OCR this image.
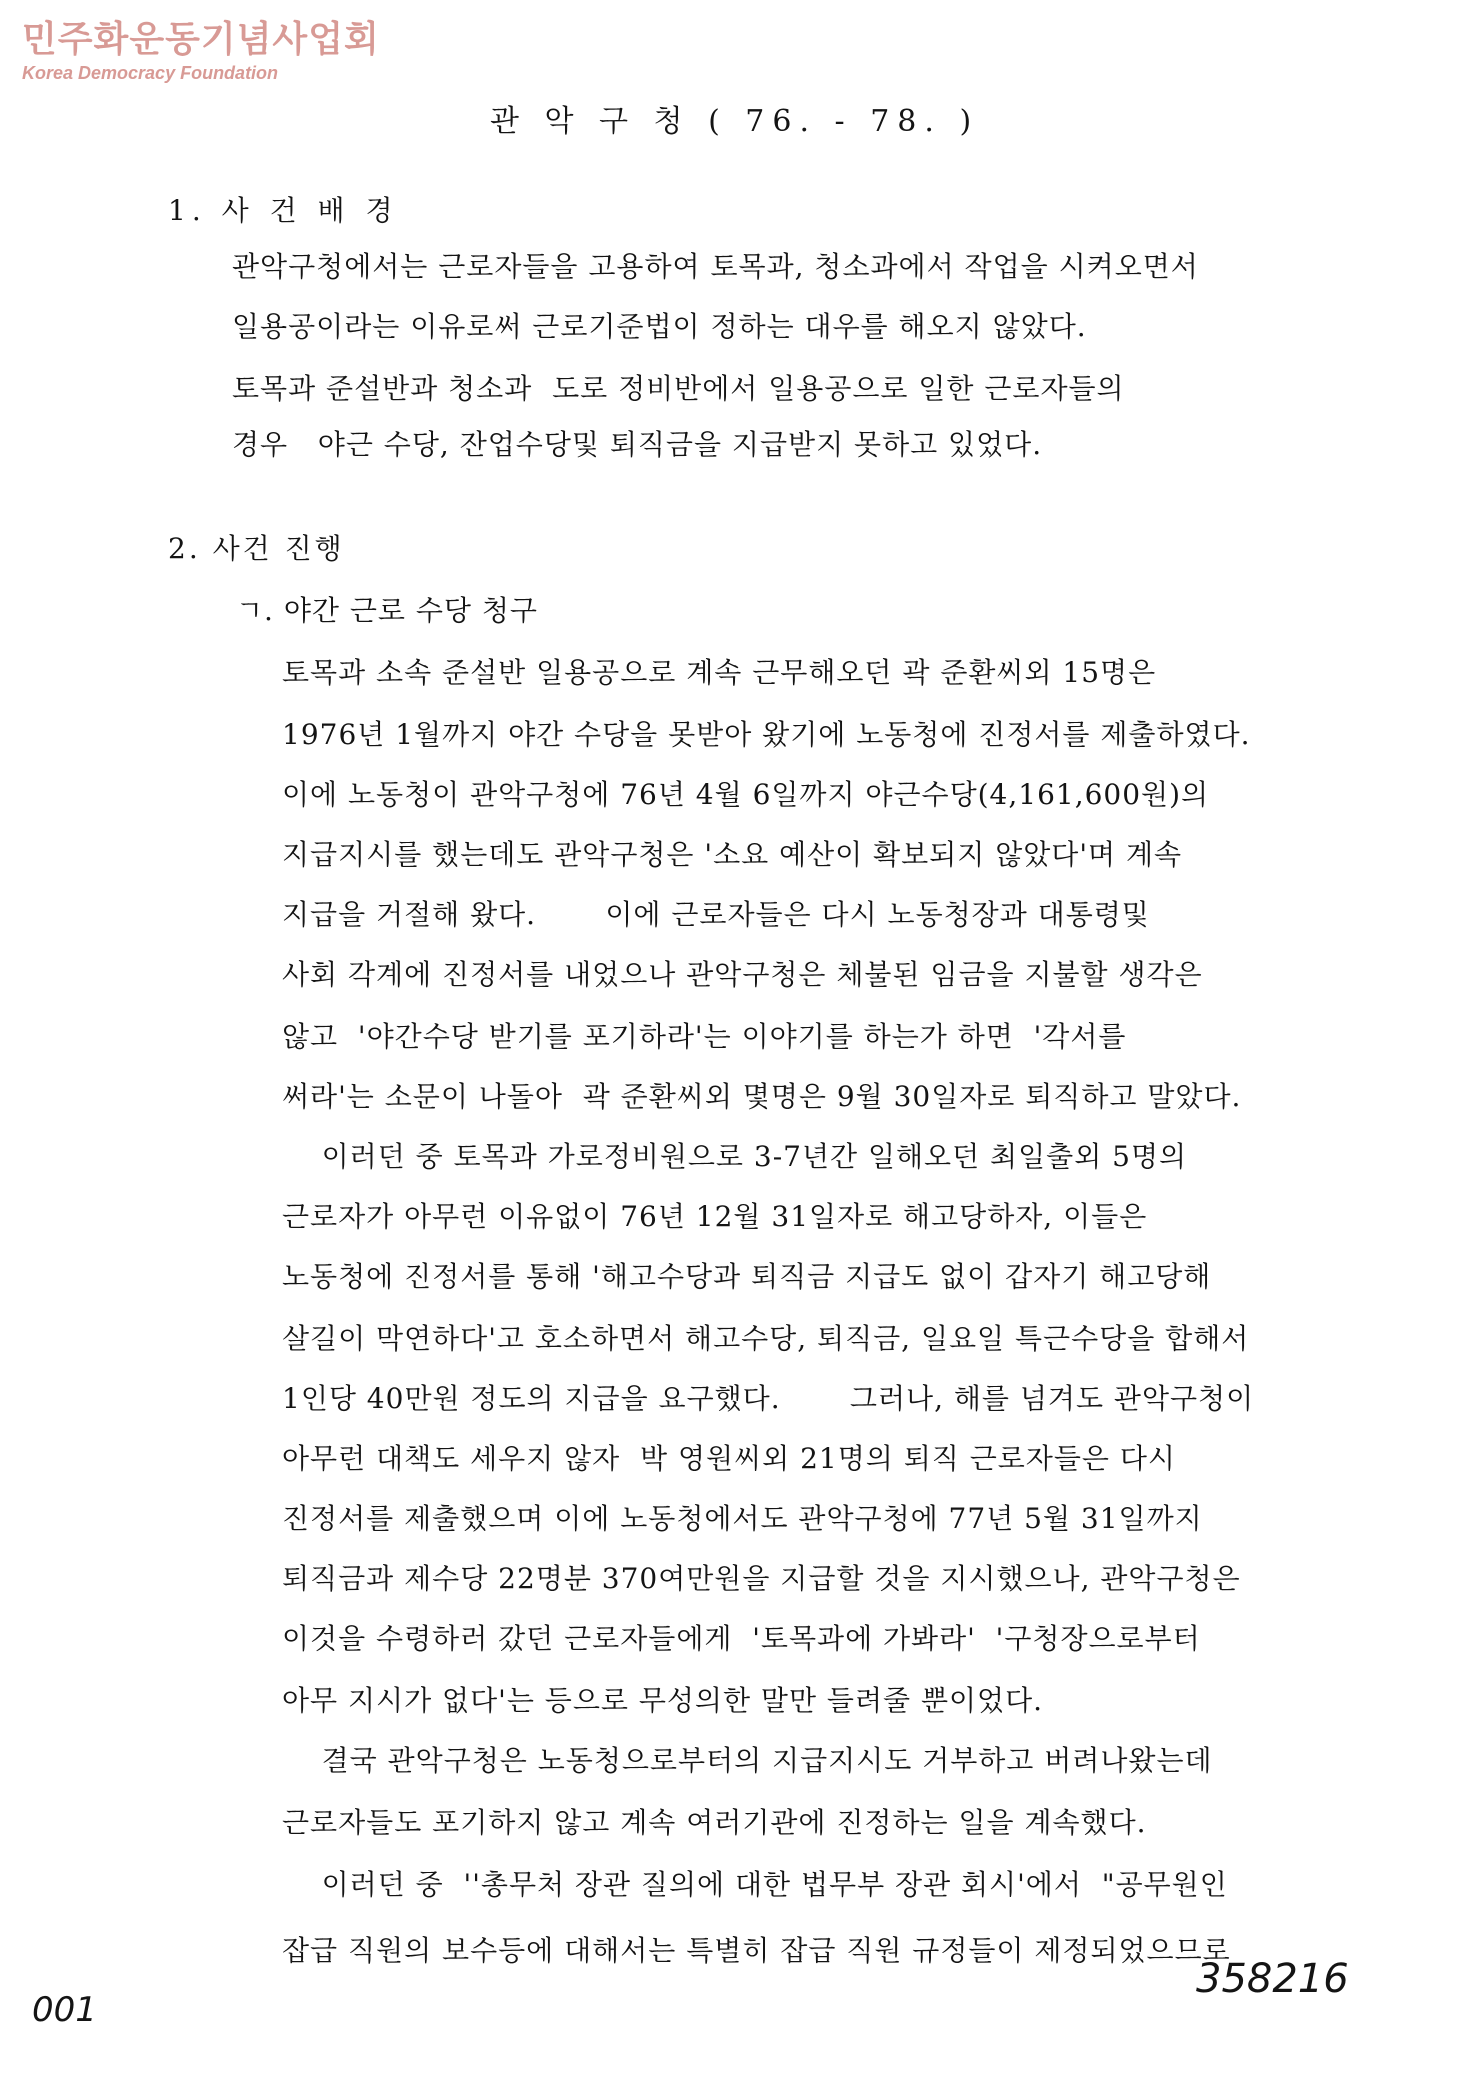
민주화운동기념사업회
Korea Democracy Foundation
관 악 구 청 ( 76. - 78. )
1. 사 건 배 경
관악구청에서는 근로자들을 고용하여 토목과, 청소과에서 작업을 시켜오면서
일용공이라는 이유로써 근로기준법이 정하는 대우를 해오지 않았다.
토목과 준설반과 청소과  도로 정비반에서 일용공으로 일한 근로자들의
경우   야근 수당, 잔업수당및 퇴직금을 지급받지 못하고 있었다.
2. 사건 진행
ㄱ. 야간 근로 수당 청구
토목과 소속 준설반 일용공으로 계속 근무해오던 곽 준환씨외 15명은
1976년 1월까지 야간 수당을 못받아 왔기에 노동청에 진정서를 제출하였다.
이에 노동청이 관악구청에 76년 4월 6일까지 야근수당(4,161,600원)의
지급지시를 했는데도 관악구청은 '소요 예산이 확보되지 않았다'며 계속
지급을 거절해 왔다.       이에 근로자들은 다시 노동청장과 대통령및
사회 각계에 진정서를 내었으나 관악구청은 체불된 임금을 지불할 생각은
않고  '야간수당 받기를 포기하라'는 이야기를 하는가 하면  '각서를
써라'는 소문이 나돌아  곽 준환씨외 몇명은 9월 30일자로 퇴직하고 말았다.
이러던 중 토목과 가로정비원으로 3-7년간 일해오던 최일출외 5명의
근로자가 아무런 이유없이 76년 12월 31일자로 해고당하자, 이들은
노동청에 진정서를 통해 '해고수당과 퇴직금 지급도 없이 갑자기 해고당해
살길이 막연하다'고 호소하면서 해고수당, 퇴직금, 일요일 특근수당을 합해서
1인당 40만원 정도의 지급을 요구했다.       그러나, 해를 넘겨도 관악구청이
아무런 대책도 세우지 않자  박 영원씨외 21명의 퇴직 근로자들은 다시
진정서를 제출했으며 이에 노동청에서도 관악구청에 77년 5월 31일까지
퇴직금과 제수당 22명분 370여만원을 지급할 것을 지시했으나, 관악구청은
이것을 수령하러 갔던 근로자들에게  '토목과에 가봐라'  '구청장으로부터
아무 지시가 없다'는 등으로 무성의한 말만 들려줄 뿐이었다.
결국 관악구청은 노동청으로부터의 지급지시도 거부하고 버려나왔는데
근로자들도 포기하지 않고 계속 여러기관에 진정하는 일을 계속했다.
이러던 중  ''총무처 장관 질의에 대한 법무부 장관 회시'에서  "공무원인
잡급 직원의 보수등에 대해서는 특별히 잡급 직원 규정들이 제정되었으므로
001
358216
